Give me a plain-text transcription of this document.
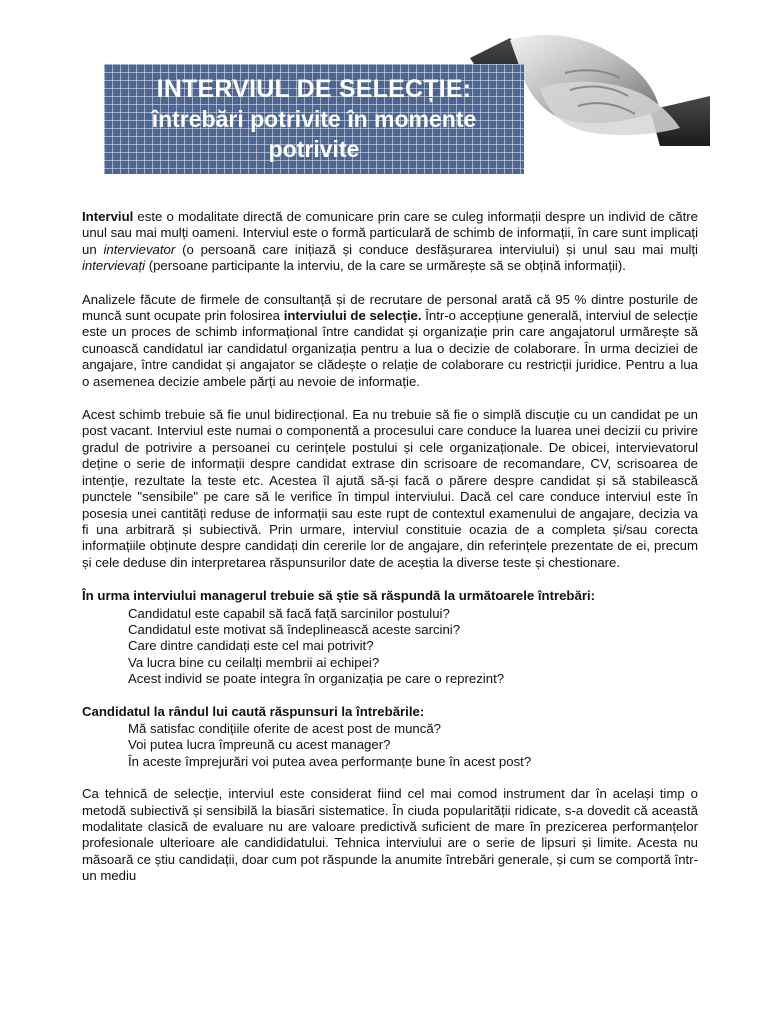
INTERVIUL DE SELECȚIE:
întrebări potrivite în momente
potrivite

Interviul este o modalitate directă de comunicare prin care se culeg informații despre un individ de către unul sau mai mulți oameni. Interviul este o formă particulară de schimb de informații, în care sunt implicați un intervievator (o persoană care inițiază și conduce desfășurarea interviului) și unul sau mai mulți intervievați (persoane participante la interviu, de la care se urmărește să se obțină informații).

Analizele făcute de firmele de consultanță și de recrutare de personal arată că 95 % dintre posturile de muncă sunt ocupate prin folosirea interviului de selecție. Într-o accepțiune generală, interviul de selecție este un proces de schimb informațional între candidat și organizație prin care angajatorul urmărește să cunoască candidatul iar candidatul organizația pentru a lua o decizie de colaborare. În urma deciziei de angajare, între candidat și angajator se clădește o relație de colaborare cu restricții juridice. Pentru a lua o asemenea decizie ambele părți au nevoie de informație.

Acest schimb trebuie să fie unul bidirecțional. Ea nu trebuie să fie o simplă discuție cu un candidat pe un post vacant. Interviul este numai o componentă a procesului care conduce la luarea unei decizii cu privire gradul de potrivire a persoanei cu cerințele postului și cele organizaționale. De obicei, intervievatorul deține o serie de informații despre candidat extrase din scrisoare de recomandare, CV, scrisoarea de intenție, rezultate la teste etc. Acestea îl ajută să-și facă o părere despre candidat și să stabilească punctele "sensibile" pe care să le verifice în timpul interviului. Dacă cel care conduce interviul este în posesia unei cantități reduse de informații sau este rupt de contextul examenului de angajare, decizia va fi una arbitrară și subiectivă. Prin urmare, interviul constituie ocazia de a completa și/sau corecta informațiile obținute despre candidați din cererile lor de angajare, din referințele prezentate de ei, precum și cele deduse din interpretarea răspunsurilor date de aceștia la diverse teste și chestionare.

În urma interviului managerul trebuie să știe să răspundă la următoarele întrebări:

Candidatul este capabil să facă față sarcinilor postului?
Candidatul este motivat să îndeplinească aceste sarcini?
Care dintre candidați este cel mai potrivit?
Va lucra bine cu ceilalți membrii ai echipei?
Acest individ se poate integra în organizația pe care o reprezint?

Candidatul la rândul lui caută răspunsuri la întrebările:

Mă satisfac condițiile oferite de acest post de muncă?
Voi putea lucra împreună cu acest manager?
În aceste împrejurări voi putea avea performanțe bune în acest post?

Ca tehnică de selecție, interviul este considerat fiind cel mai comod instrument dar în același timp o metodă subiectivă și sensibilă la biasări sistematice. În ciuda popularității ridicate, s-a dovedit că această modalitate clasică de evaluare nu are valoare predictivă suficient de mare în prezicerea performanțelor profesionale ulterioare ale candididatului. Tehnica interviului are o serie de lipsuri și limite. Acesta nu măsoară ce știu candidații, doar cum pot răspunde la anumite întrebări generale, și cum se comportă într-un mediu
